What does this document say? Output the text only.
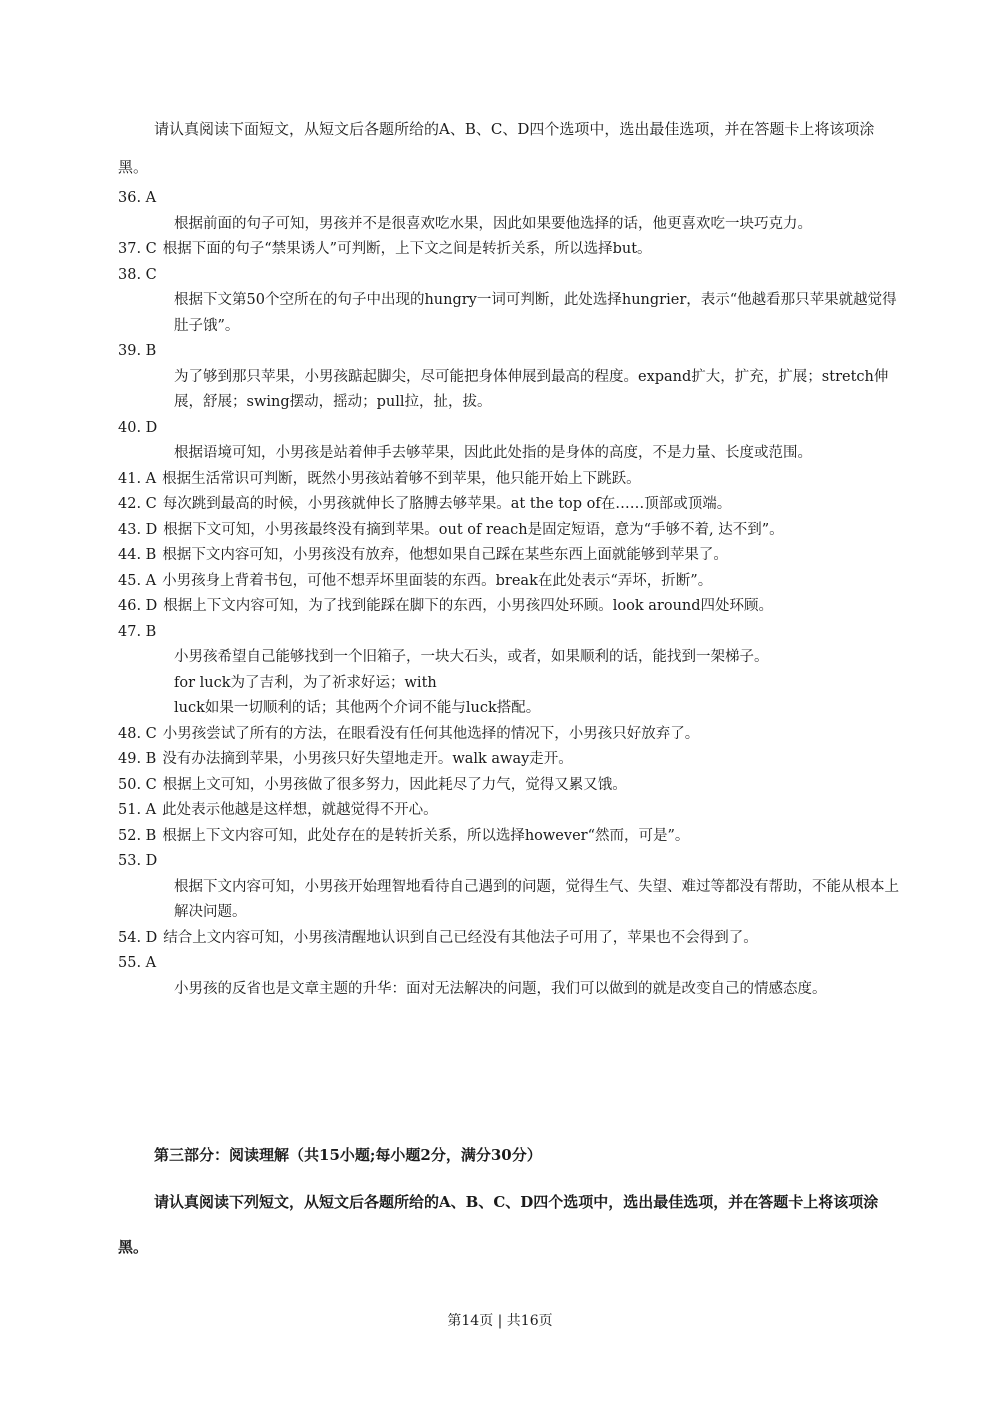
请认真阅读下面短文，从短文后各题所给的A、B、C、D四个选项中，选出最佳选项，并在答题卡上将该项涂黑。

36. A
根据前面的句子可知，男孩并不是很喜欢吃水果，因此如果要他选择的话，他更喜欢吃一块巧克力。
37. C 根据下面的句子“禁果诱人”可判断，上下文之间是转折关系，所以选择but。
38. C
根据下文第50个空所在的句子中出现的hungry一词可判断，此处选择hungrier，表示“他越看那只苹果就越觉得肚子饿”。
39. B
为了够到那只苹果，小男孩踮起脚尖，尽可能把身体伸展到最高的程度。expand扩大，扩充，扩展；stretch伸展，舒展；swing摆动，摇动；pull拉，扯，拔。
40. D
根据语境可知，小男孩是站着伸手去够苹果，因此此处指的是身体的高度，不是力量、长度或范围。
41. A 根据生活常识可判断，既然小男孩站着够不到苹果，他只能开始上下跳跃。
42. C 每次跳到最高的时候，小男孩就伸长了胳膊去够苹果。at the top of在……顶部或顶端。
43. D 根据下文可知，小男孩最终没有摘到苹果。out of reach是固定短语，意为“手够不着, 达不到”。
44. B 根据下文内容可知，小男孩没有放弃，他想如果自己踩在某些东西上面就能够到苹果了。
45. A 小男孩身上背着书包，可他不想弄坏里面装的东西。break在此处表示“弄坏，折断”。
46. D 根据上下文内容可知，为了找到能踩在脚下的东西，小男孩四处环顾。look around四处环顾。
47. B
小男孩希望自己能够找到一个旧箱子，一块大石头，或者，如果顺利的话，能找到一架梯子。
for luck为了吉利，为了祈求好运；with
luck如果一切顺利的话；其他两个介词不能与luck搭配。
48. C 小男孩尝试了所有的方法，在眼看没有任何其他选择的情况下，小男孩只好放弃了。
49. B 没有办法摘到苹果，小男孩只好失望地走开。walk away走开。
50. C 根据上文可知，小男孩做了很多努力，因此耗尽了力气，觉得又累又饿。
51. A 此处表示他越是这样想，就越觉得不开心。
52. B 根据上下文内容可知，此处存在的是转折关系，所以选择however“然而，可是”。
53. D
根据下文内容可知，小男孩开始理智地看待自己遇到的问题，觉得生气、失望、难过等都没有帮助，不能从根本上解决问题。
54. D 结合上文内容可知，小男孩清醒地认识到自己已经没有其他法子可用了，苹果也不会得到了。
55. A
小男孩的反省也是文章主题的升华：面对无法解决的问题，我们可以做到的就是改变自己的情感态度。

第三部分：阅读理解（共15小题;每小题2分，满分30分）

请认真阅读下列短文，从短文后各题所给的A、B、C、D四个选项中，选出最佳选项，并在答题卡上将该项涂黑。

第14页 | 共16页
